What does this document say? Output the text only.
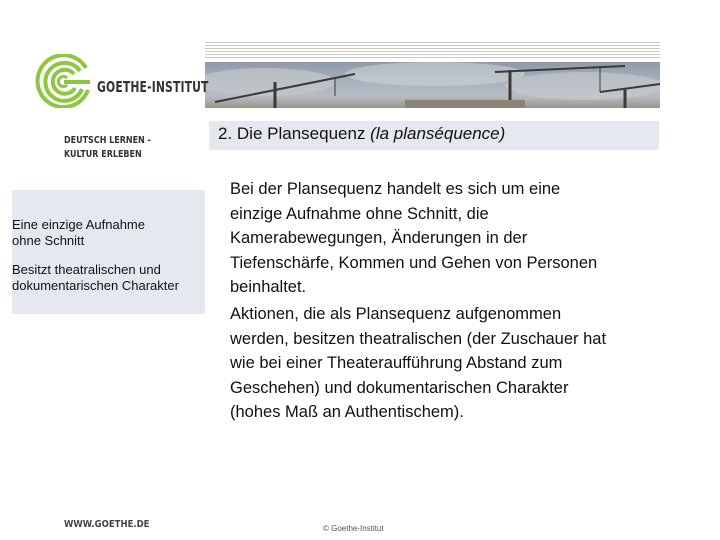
GOETHE-INSTITUT
DEUTSCH LERNEN -
KULTUR ERLEBEN
2. Die Plansequenz (la planséquence)
Eine einzige Aufnahme
ohne Schnitt
Besitzt theatralischen und
dokumentarischen Charakter
Bei der Plansequenz handelt es sich um eine
einzige Aufnahme ohne Schnitt, die
Kamerabewegungen, Änderungen in der
Tiefenschärfe, Kommen und Gehen von Personen
beinhaltet.
Aktionen, die als Plansequenz aufgenommen
werden, besitzen theatralischen (der Zuschauer hat
wie bei einer Theateraufführung Abstand zum
Geschehen) und dokumentarischen Charakter
(hohes Maß an Authentischem).
WWW.GOETHE.DE	© Goethe-Institut
